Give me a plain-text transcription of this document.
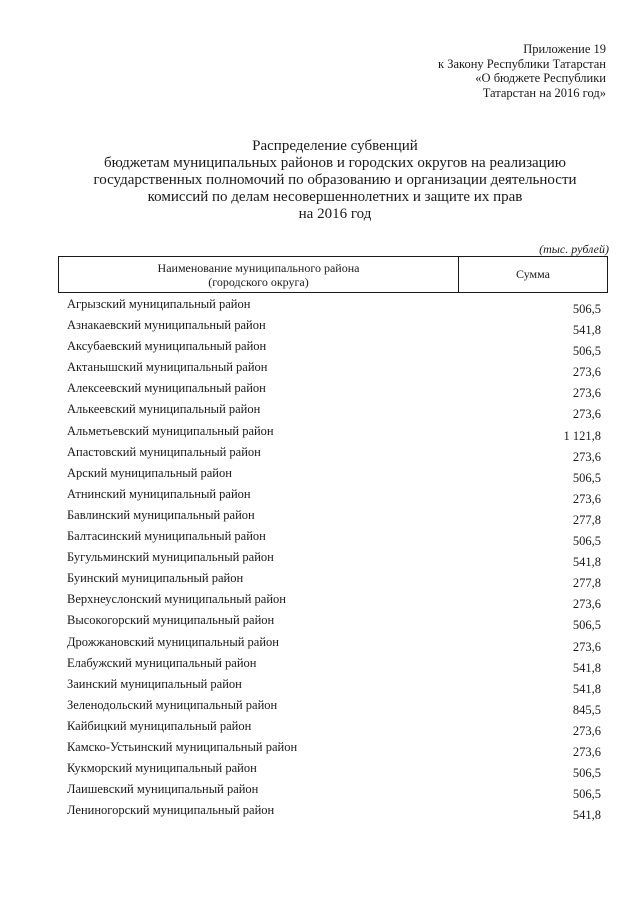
Приложение 19
к Закону Республики Татарстан
«О бюджете Республики
Татарстан на 2016 год»
Распределение субвенций
бюджетам муниципальных районов и городских округов на реализацию
государственных полномочий по образованию и организации деятельности
комиссий по делам несовершеннолетних и защите их прав
на 2016 год
(тыс. рублей)
Наименование муниципального района
(городского округа)
Сумма
Агрызский муниципальный район	506,5
Азнакаевский муниципальный район	541,8
Аксубаевский муниципальный район	506,5
Актанышский муниципальный район	273,6
Алексеевский муниципальный район	273,6
Алькеевский муниципальный район	273,6
Альметьевский муниципальный район	1 121,8
Апастовский муниципальный район	273,6
Арский муниципальный район	506,5
Атнинский муниципальный район	273,6
Бавлинский муниципальный район	277,8
Балтасинский муниципальный район	506,5
Бугульминский муниципальный район	541,8
Буинский муниципальный район	277,8
Верхнеуслонский муниципальный район	273,6
Высокогорский муниципальный район	506,5
Дрожжановский муниципальный район	273,6
Елабужский муниципальный район	541,8
Заинский муниципальный район	541,8
Зеленодольский муниципальный район	845,5
Кайбицкий муниципальный район	273,6
Камско-Устьинский муниципальный район	273,6
Кукморский муниципальный район	506,5
Лаишевский муниципальный район	506,5
Лениногорский муниципальный район	541,8
